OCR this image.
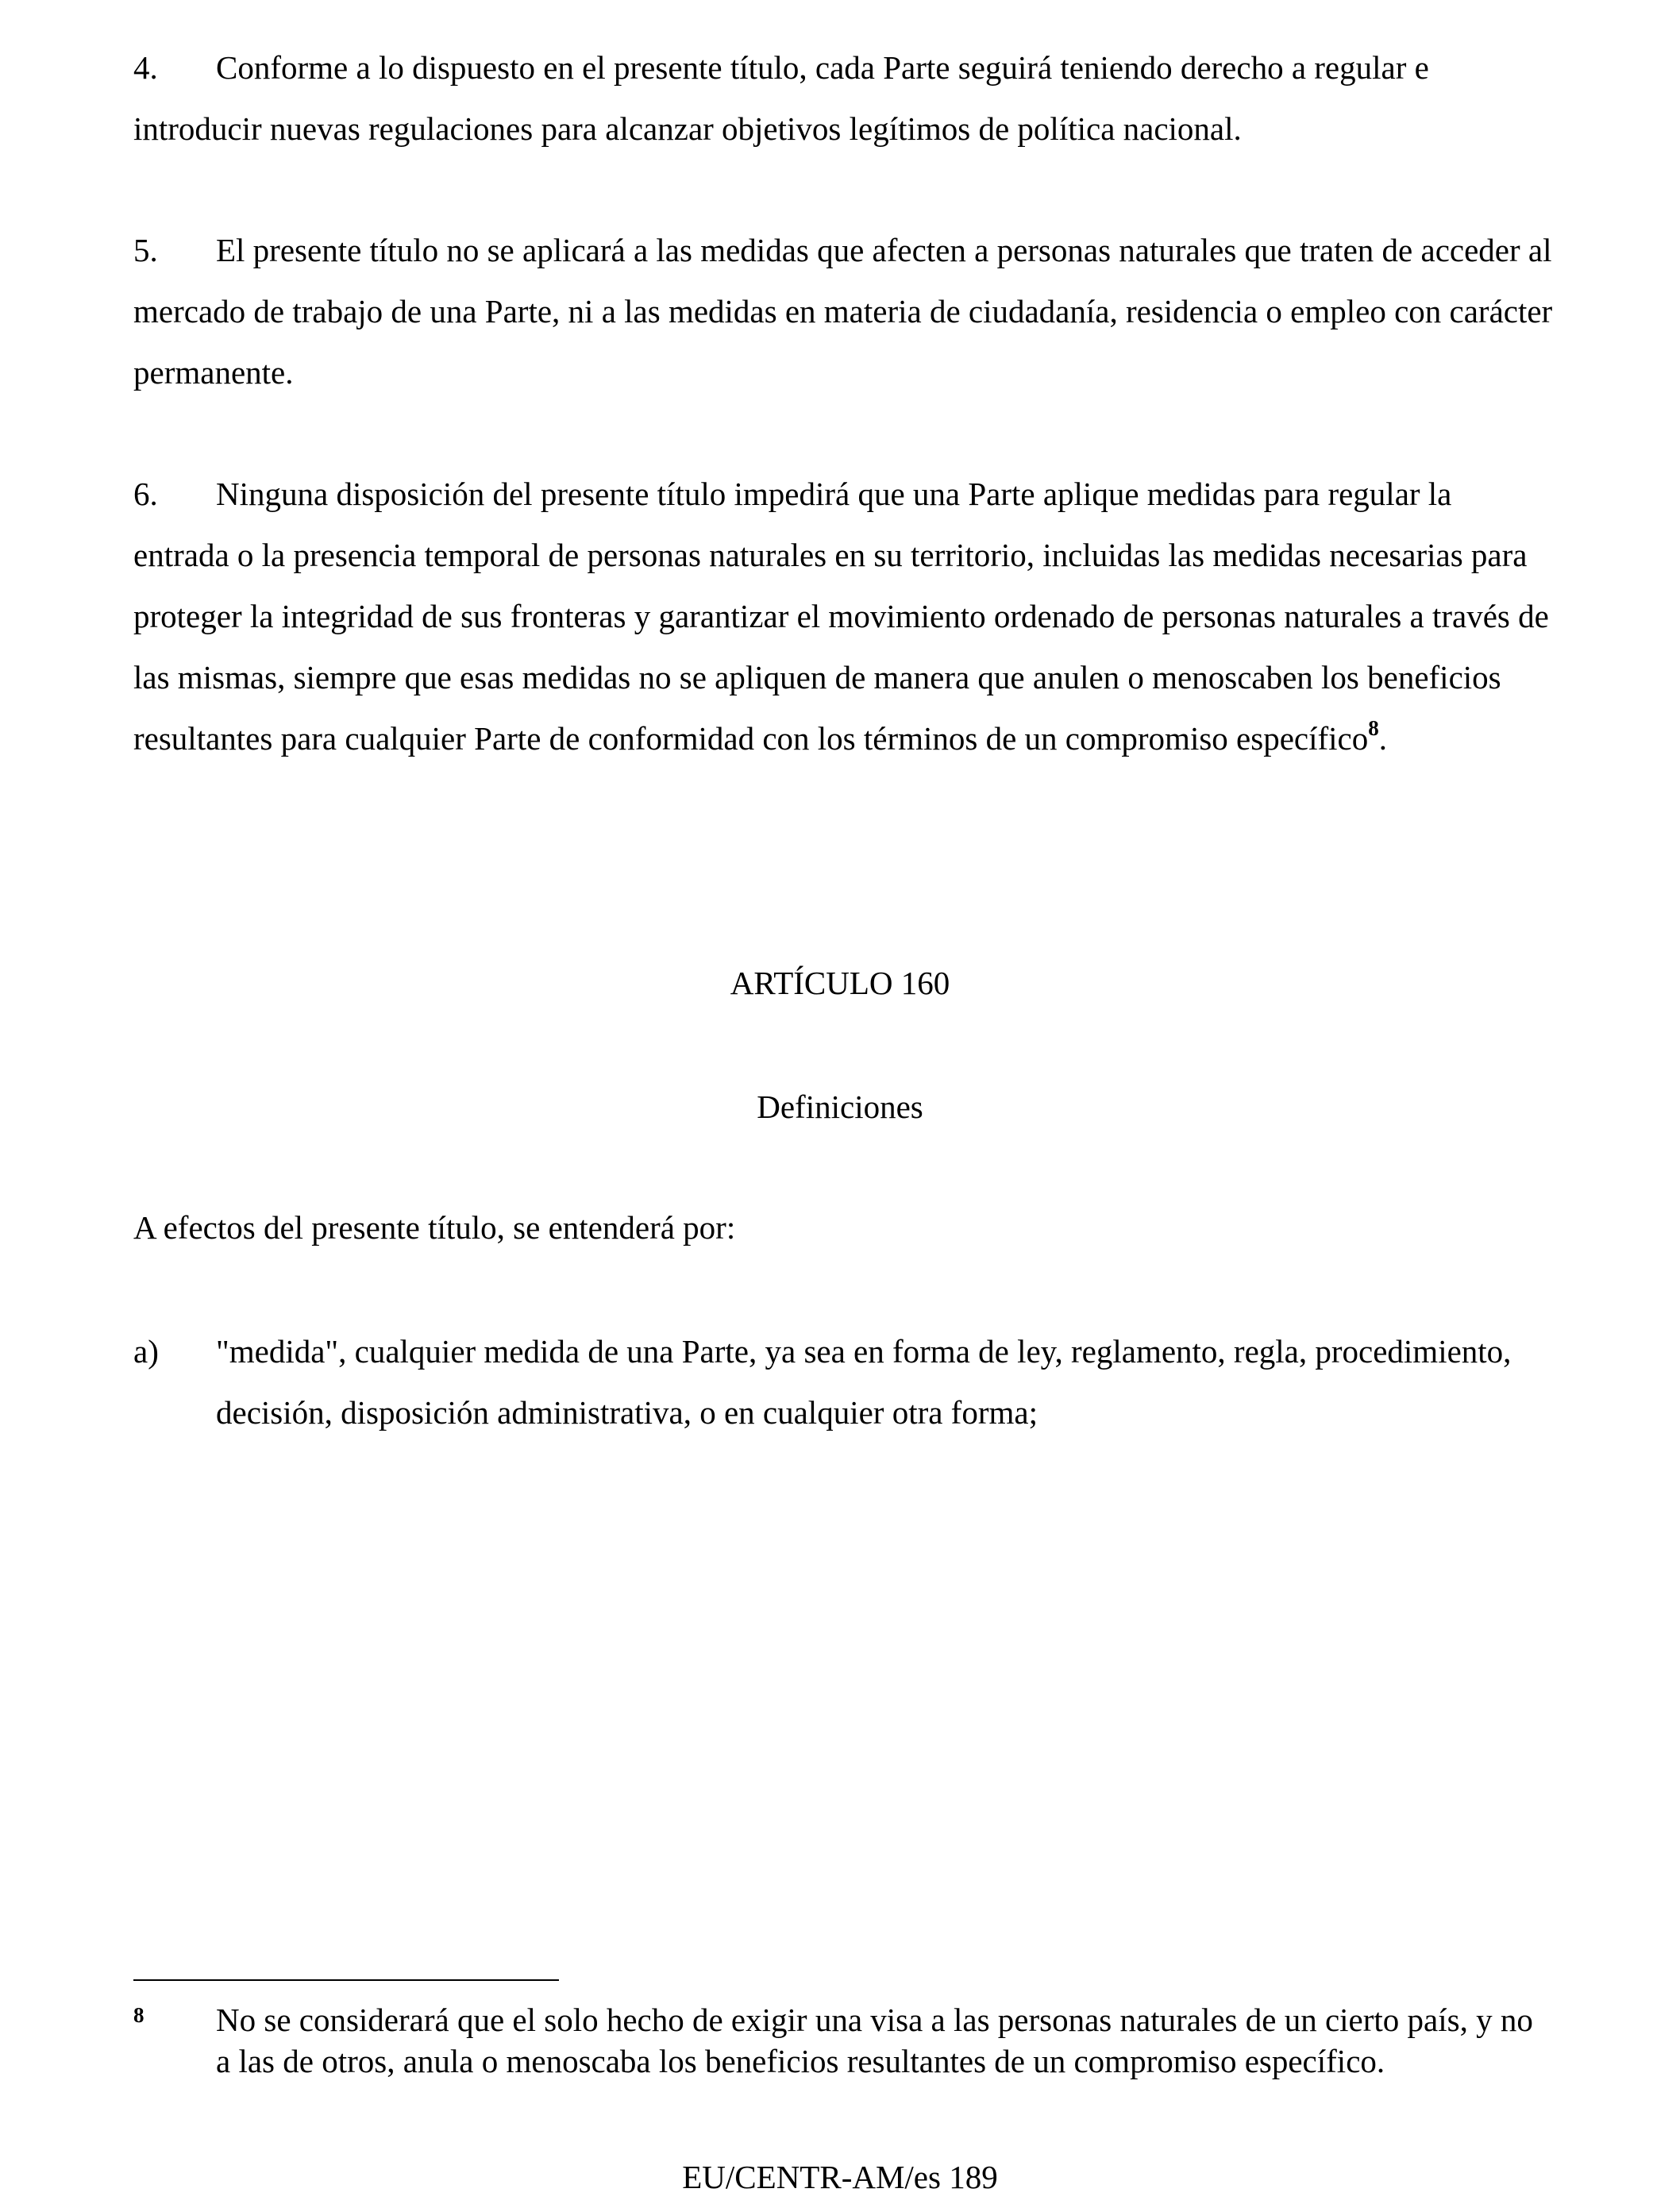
4. Conforme a lo dispuesto en el presente título, cada Parte seguirá teniendo derecho a regular e introducir nuevas regulaciones para alcanzar objetivos legítimos de política nacional.

5. El presente título no se aplicará a las medidas que afecten a personas naturales que traten de acceder al mercado de trabajo de una Parte, ni a las medidas en materia de ciudadanía, residencia o empleo con carácter permanente.

6. Ninguna disposición del presente título impedirá que una Parte aplique medidas para regular la entrada o la presencia temporal de personas naturales en su territorio, incluidas las medidas necesarias para proteger la integridad de sus fronteras y garantizar el movimiento ordenado de personas naturales a través de las mismas, siempre que esas medidas no se apliquen de manera que anulen o menoscaben los beneficios resultantes para cualquier Parte de conformidad con los términos de un compromiso específico$^8$.

ARTÍCULO 160
Definiciones

A efectos del presente título, se entenderá por:

a) "medida", cualquier medida de una Parte, ya sea en forma de ley, reglamento, regla, procedimiento, decisión, disposición administrativa, o en cualquier otra forma;
8 No se considerará que el solo hecho de exigir una visa a las personas naturales de un cierto país, y no a las de otros, anula o menoscaba los beneficios resultantes de un compromiso específico.
EU/CENTR-AM/es 189
